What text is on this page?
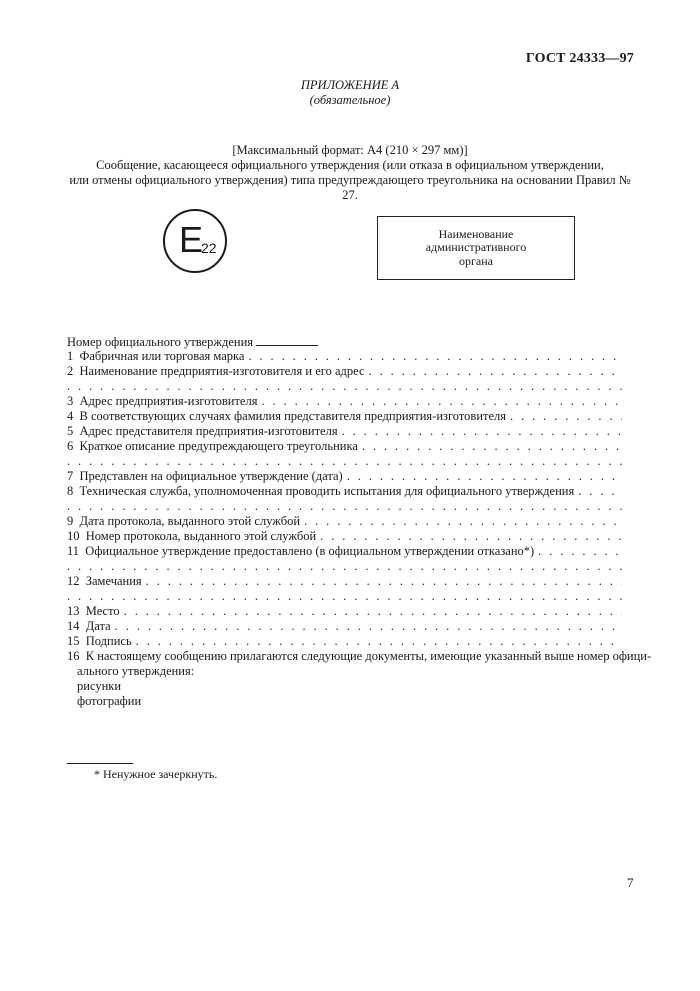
ГОСТ 24333—97
ПРИЛОЖЕНИЕ А
(обязательное)
[Максимальный формат: А4 (210 × 297 мм)]
Сообщение, касающееся официального утверждения (или отказа в официальном утверждении,
или отмены официального утверждения) типа предупреждающего треугольника на основании Правил № 27.
E
22
Наименование
административного
органа
Номер официального утверждения
1 Фабричная или торговая марка
. . .
2 Наименование предприятия-изготовителя и его адрес
. . .
. . .
3 Адрес предприятия-изготовителя
. . .
4 В соответствующих случаях фамилия представителя предприятия-изготовителя
. . .
5 Адрес представителя предприятия-изготовителя
. . .
6 Краткое описание предупреждающего треугольника
. . .
. . .
7 Представлен на официальное утверждение (дата)
. . .
8 Техническая служба, уполномоченная проводить испытания для официального утверждения
. . .
. . .
9 Дата протокола, выданного этой службой
. . .
10 Номер протокола, выданного этой службой
. . .
11 Официальное утверждение предоставлено (в официальном утверждении отказано*)
. . .
. . .
12 Замечания
. . .
. . .
13 Место
. . .
14 Дата
. . .
15 Подпись
. . .
16 К настоящему сообщению прилагаются следующие документы, имеющие указанный выше номер офици-
ального утверждения:
рисунки
фотографии
* Ненужное зачеркнуть.
7
